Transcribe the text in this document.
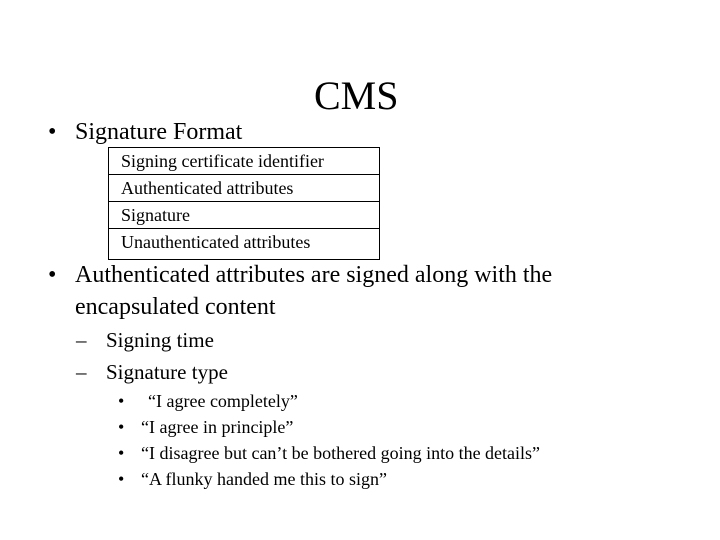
CMS
• Signature Format
Signing certificate identifier
Authenticated attributes
Signature
Unauthenticated attributes
• Authenticated attributes are signed along with the
encapsulated content
– Signing time
– Signature type
• “I agree completely”
• “I agree in principle”
• “I disagree but can’t be bothered going into the details”
• “A flunky handed me this to sign”
